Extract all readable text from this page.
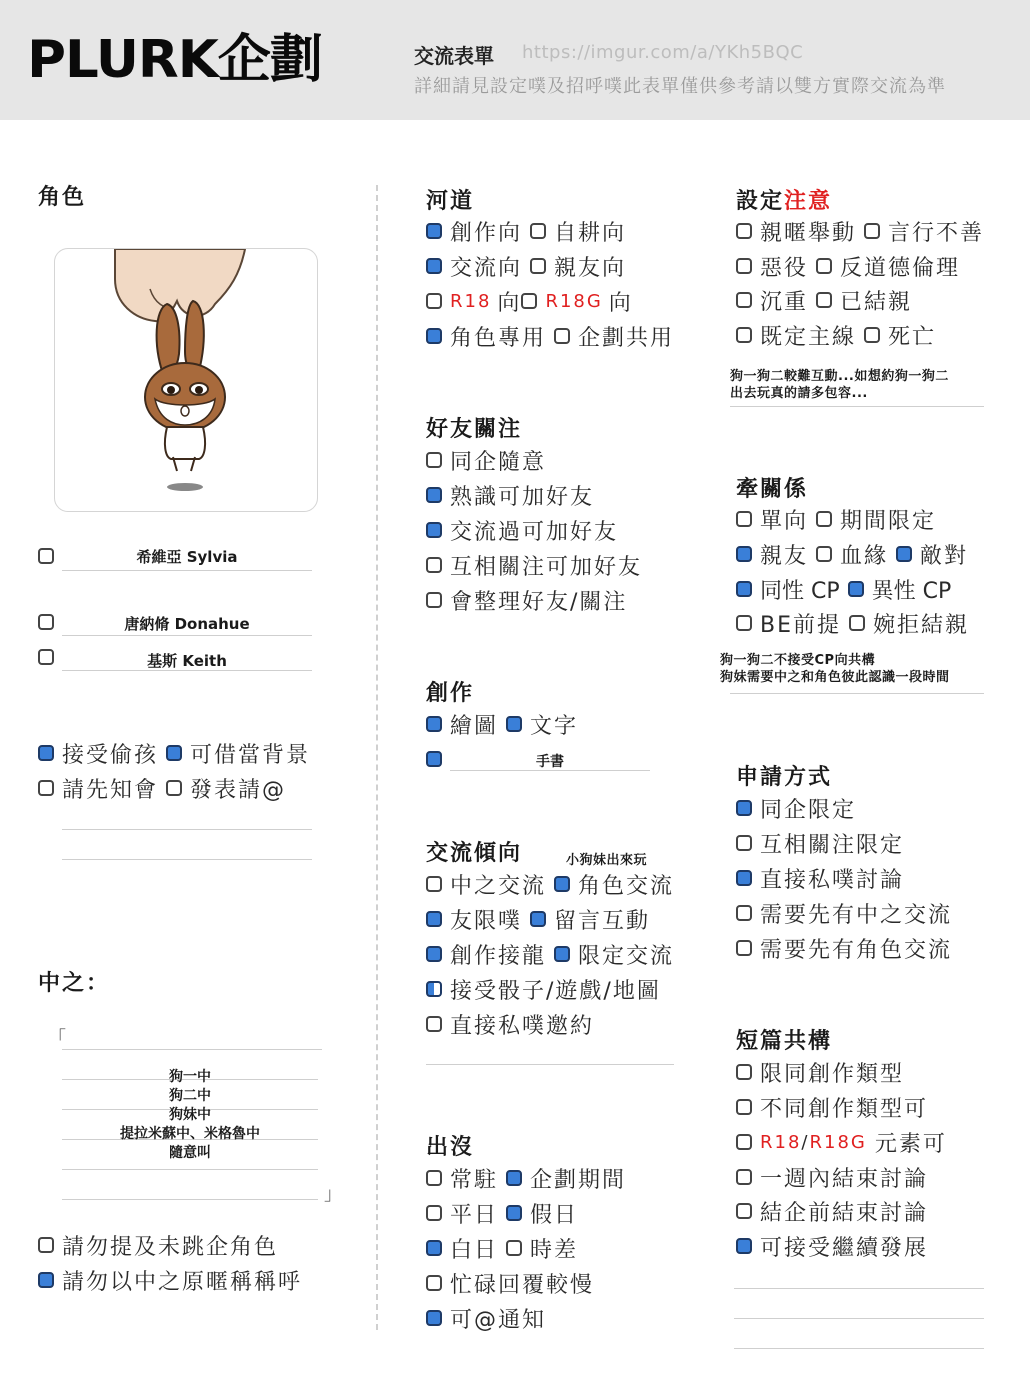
PLURK企劃	交流表單 https://imgur.com/a/YKh5BQC
詳細請見設定噗及招呼噗此表單僅供參考請以雙方實際交流為準
角色
希維亞 Sylvia
唐納脩 Donahue
基斯 Keith
接受偷孩 可借當背景
請先知會 發表請@
中之：
「
狗一中
狗二中
狗妹中
提拉米蘇中、米格魯中
隨意叫
」
請勿提及未跳企角色
請勿以中之原暱稱稱呼
河道
創作向 自耕向
交流向 親友向
R18 向 R18G 向
角色專用 企劃共用
好友關注
同企隨意
熟識可加好友
交流過可加好友
互相關注可加好友
會整理好友/關注
創作
繪圖 文字
手書
交流傾向	小狗妹出來玩
中之交流 角色交流
友限噗 留言互動
創作接龍 限定交流
接受骰子/遊戲/地圖
直接私噗邀約
出沒
常駐 企劃期間
平日 假日
白日 時差
忙碌回覆較慢
可@通知
設定注意
親暱舉動 言行不善
惡役 反道德倫理
沉重 已結親
既定主線 死亡
狗一狗二較難互動...如想約狗一狗二
出去玩真的請多包容...
牽關係
單向 期間限定
親友 血緣 敵對
同性 CP 異性 CP
BE前提 婉拒結親
狗一狗二不接受CP向共構
狗妹需要中之和角色彼此認識一段時間
申請方式
同企限定
互相關注限定
直接私噗討論
需要先有中之交流
需要先有角色交流
短篇共構
限同創作類型
不同創作類型可
R18 / R18G 元素可
一週內結束討論
結企前結束討論
可接受繼續發展
